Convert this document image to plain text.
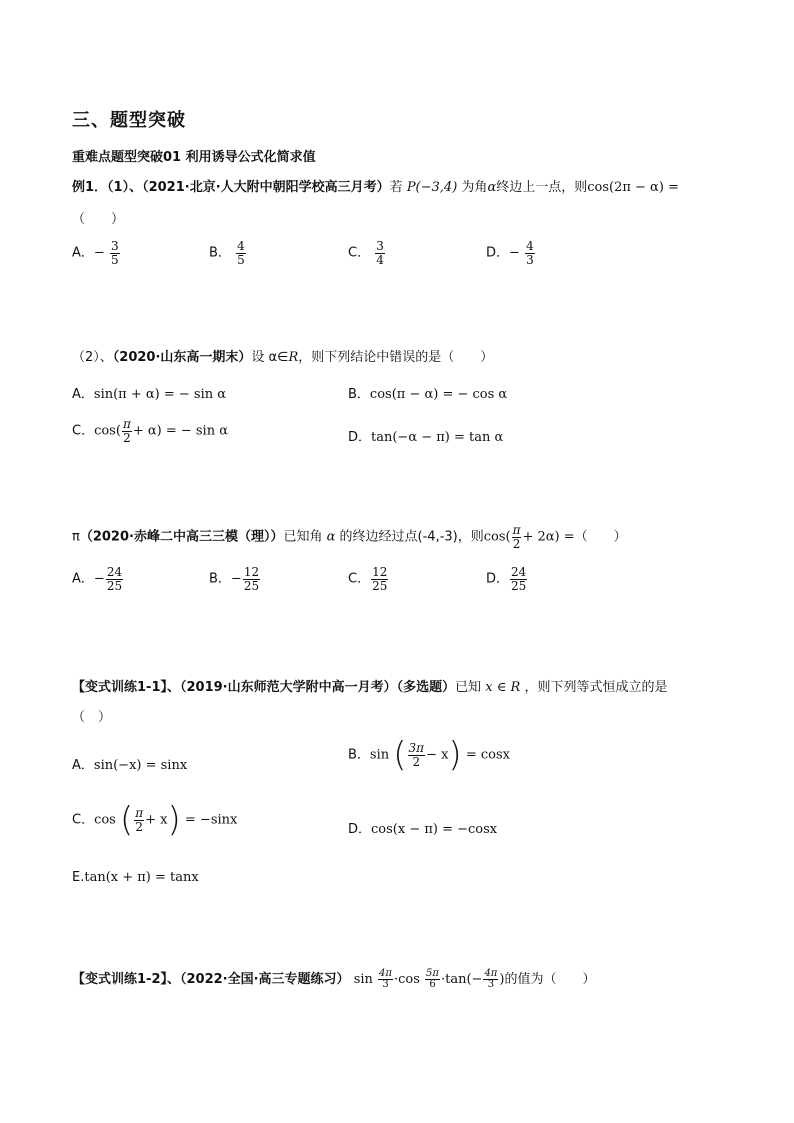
三、题型突破
重难点题型突破01 利用诱导公式化简求值
例1．（1）、（2021·北京·人大附中朝阳学校高三月考）若 P(−3,4) 为角α终边上一点，则cos(2π − α) =
（　　）
A．− $\frac{3}{5}$	B． $\frac{4}{5}$	C． $\frac{3}{4}$	D．− $\frac{4}{3}$
（2）、（2020·山东高一期末）设 α∈R，则下列结论中错误的是（　　）
A．sin(π + α) = − sin α	B．cos(π − α) = − cos α
C．$\cos( \frac{\pi}{2} + \alpha)$ = − sin α	D．tan(−α − π) = tan α
π（2020·赤峰二中高三三模（理））已知角 α 的终边经过点(-4,-3)，则$\cos( \frac{\pi}{2} + 2\alpha)$ =（　　）
A．− $\frac{24}{25}$	B．− $\frac{12}{25}$	C． $\frac{12}{25}$	D． $\frac{24}{25}$
【变式训练1-1】、（2019·山东师范大学附中高一月考）（多选题）已知 x ∈ R ，则下列等式恒成立的是
（　）
A．sin(−x) = sinx
B．sin ( $\frac{3\pi}{2} - x) = \cos x$
C．cos ( $\frac{\pi}{2} + x) = -\sin x$
D．cos(x − π) = −cosx
E.tan(x + π) = tanx
【变式训练1-2】、（2022·全国·高三专题练习） $\sin \frac{4\pi}{3} \cdot\cos \frac{5\pi}{6} \cdot\tan(- \frac{4\pi}{3}$ )的值为（　　）
